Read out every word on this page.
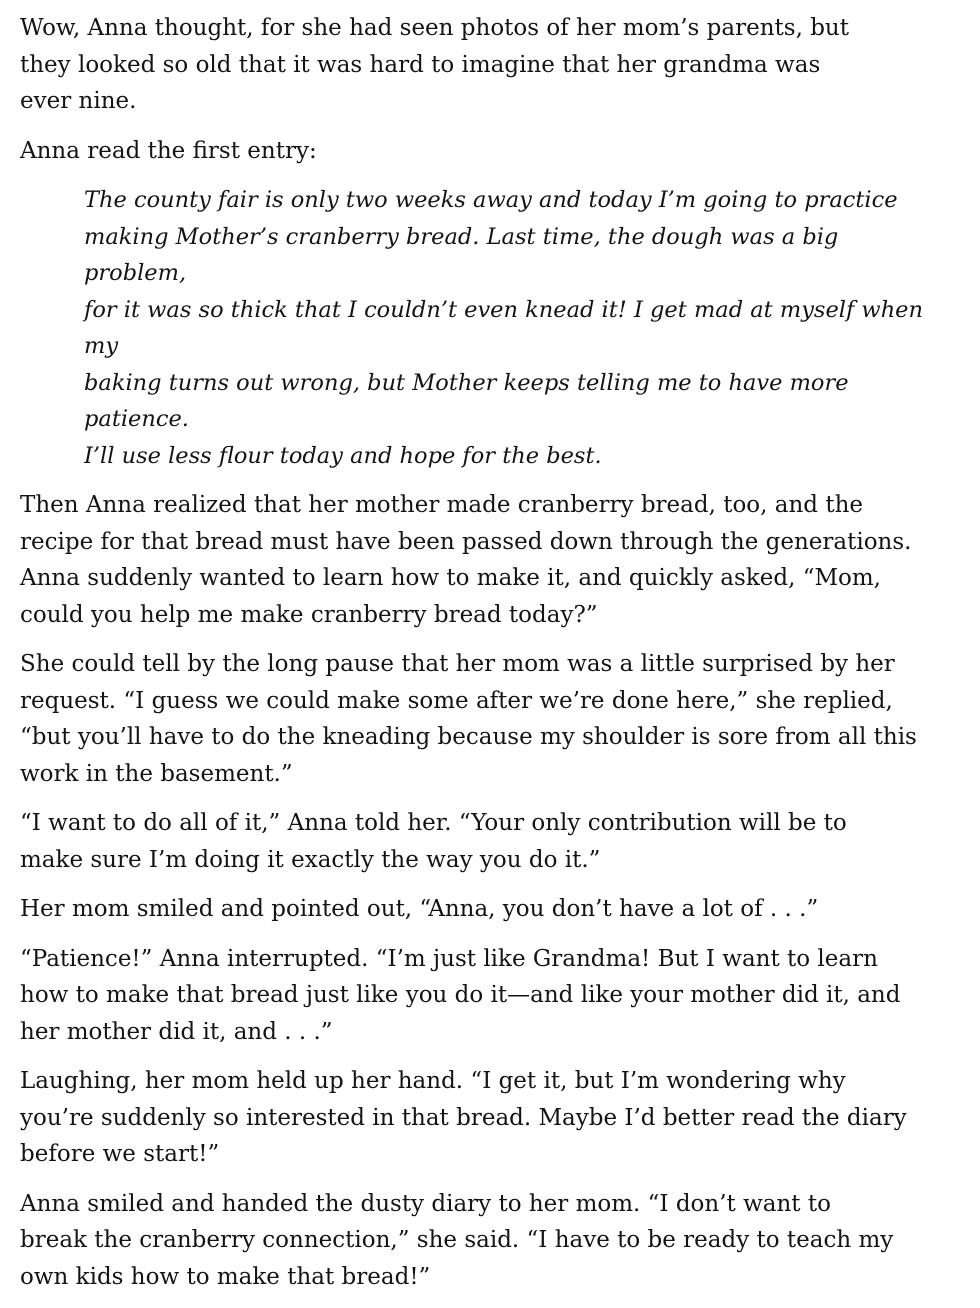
Wow, Anna thought, for she had seen photos of her mom’s parents, but
they looked so old that it was hard to imagine that her grandma was
ever nine.

Anna read the first entry:

The county fair is only two weeks away and today I’m going to practice
making Mother’s cranberry bread. Last time, the dough was a big problem,
for it was so thick that I couldn’t even knead it! I get mad at myself when my
baking turns out wrong, but Mother keeps telling me to have more patience.
I’ll use less flour today and hope for the best.

Then Anna realized that her mother made cranberry bread, too, and the
recipe for that bread must have been passed down through the generations.
Anna suddenly wanted to learn how to make it, and quickly asked, “Mom,
could you help me make cranberry bread today?”

She could tell by the long pause that her mom was a little surprised by her
request. “I guess we could make some after we’re done here,” she replied,
“but you’ll have to do the kneading because my shoulder is sore from all this
work in the basement.”

“I want to do all of it,” Anna told her. “Your only contribution will be to
make sure I’m doing it exactly the way you do it.”

Her mom smiled and pointed out, “Anna, you don’t have a lot of . . .”

“Patience!” Anna interrupted. “I’m just like Grandma! But I want to learn
how to make that bread just like you do it—and like your mother did it, and
her mother did it, and . . .”

Laughing, her mom held up her hand. “I get it, but I’m wondering why
you’re suddenly so interested in that bread. Maybe I’d better read the diary
before we start!”

Anna smiled and handed the dusty diary to her mom. “I don’t want to
break the cranberry connection,” she said. “I have to be ready to teach my
own kids how to make that bread!”
